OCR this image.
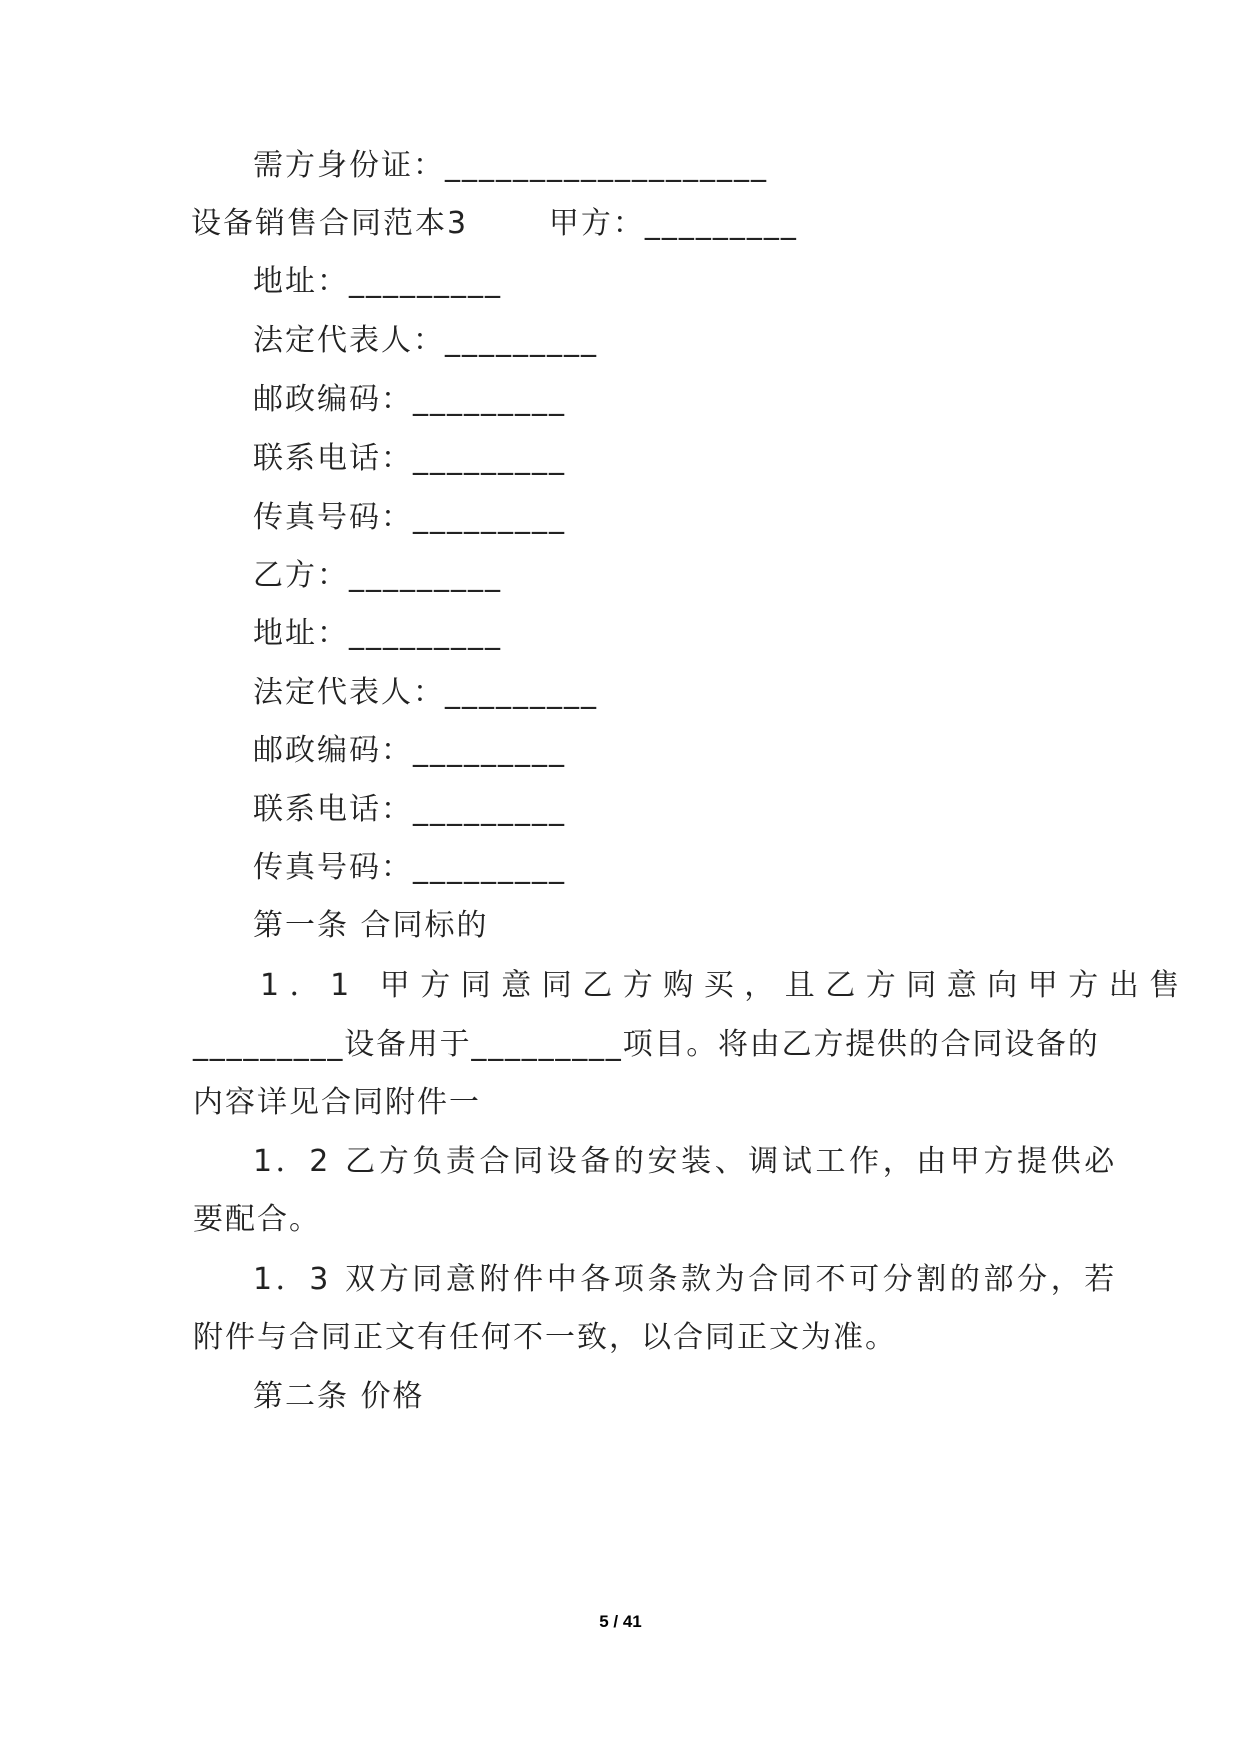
需方身份证：___________________
设备销售合同范本3       甲方：_________
地址：_________
法定代表人：_________
邮政编码：_________
联系电话：_________
传真号码：_________
乙方：_________
地址：_________
法定代表人：_________
邮政编码：_________
联系电话：_________
传真号码：_________
第一条 合同标的
1．1 甲方同意同乙方购买，且乙方同意向甲方出售
_________设备用于_________项目。将由乙方提供的合同设备的
内容详见合同附件一
1．2 乙方负责合同设备的安装、调试工作，由甲方提供必
要配合。
1．3 双方同意附件中各项条款为合同不可分割的部分，若
附件与合同正文有任何不一致，以合同正文为准。
第二条 价格
5 / 41
